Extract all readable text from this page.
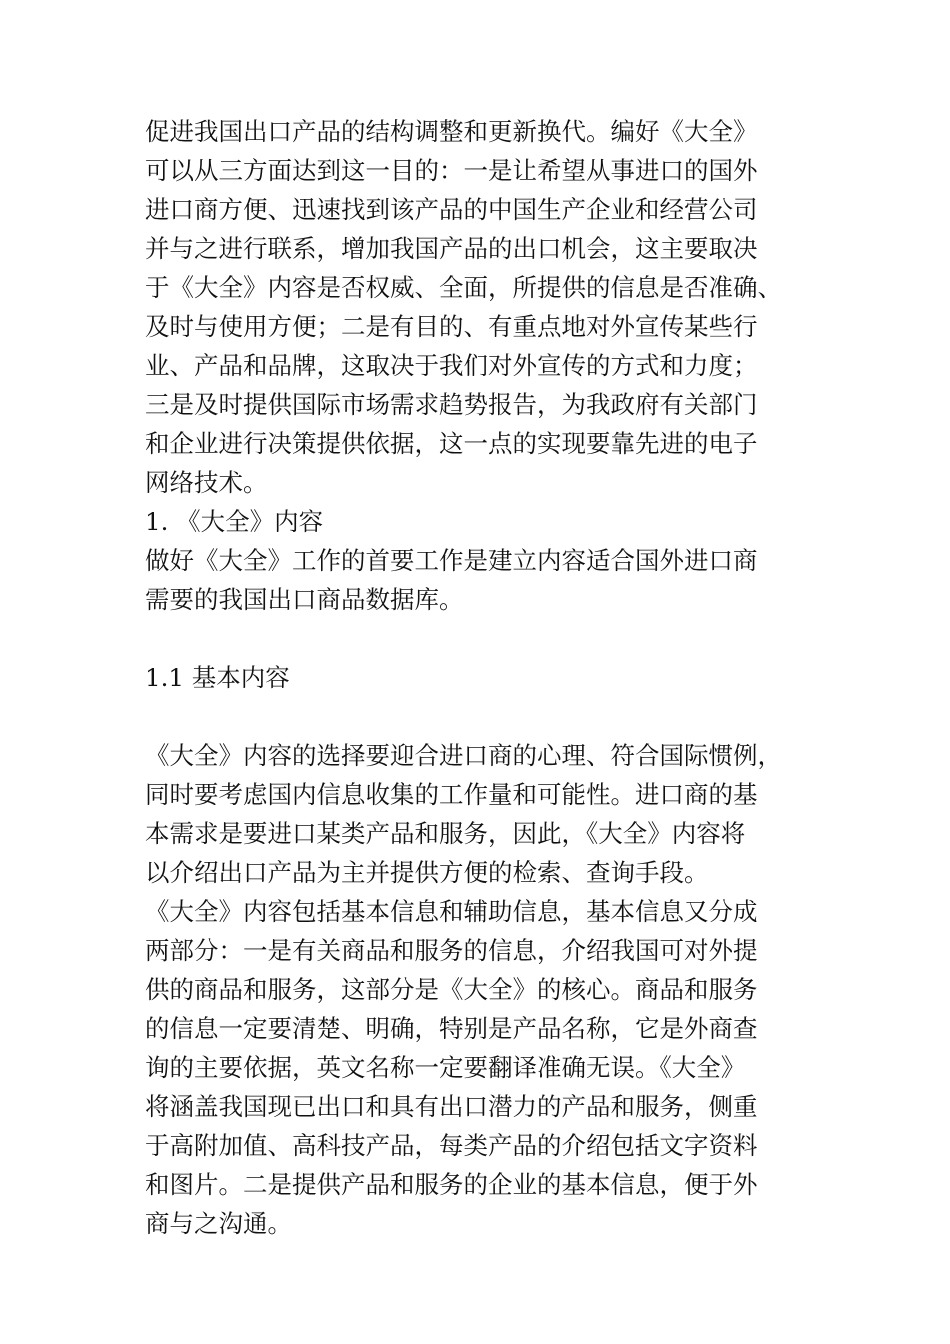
促进我国出口产品的结构调整和更新换代。编好《大全》
可以从三方面达到这一目的：一是让希望从事进口的国外
进口商方便、迅速找到该产品的中国生产企业和经营公司
并与之进行联系，增加我国产品的出口机会，这主要取决
于《大全》内容是否权威、全面，所提供的信息是否准确、
及时与使用方便；二是有目的、有重点地对外宣传某些行
业、产品和品牌，这取决于我们对外宣传的方式和力度；
三是及时提供国际市场需求趋势报告，为我政府有关部门
和企业进行决策提供依据，这一点的实现要靠先进的电子
网络技术。
1. 《大全》内容
做好《大全》工作的首要工作是建立内容适合国外进口商
需要的我国出口商品数据库。
1.1 基本内容
《大全》内容的选择要迎合进口商的心理、符合国际惯例，
同时要考虑国内信息收集的工作量和可能性。进口商的基
本需求是要进口某类产品和服务，因此，《大全》内容将
以介绍出口产品为主并提供方便的检索、查询手段。
《大全》内容包括基本信息和辅助信息，基本信息又分成
两部分：一是有关商品和服务的信息，介绍我国可对外提
供的商品和服务，这部分是《大全》的核心。商品和服务
的信息一定要清楚、明确，特别是产品名称，它是外商查
询的主要依据，英文名称一定要翻译准确无误。《大全》
将涵盖我国现已出口和具有出口潜力的产品和服务，侧重
于高附加值、高科技产品，每类产品的介绍包括文字资料
和图片。二是提供产品和服务的企业的基本信息，便于外
商与之沟通。
